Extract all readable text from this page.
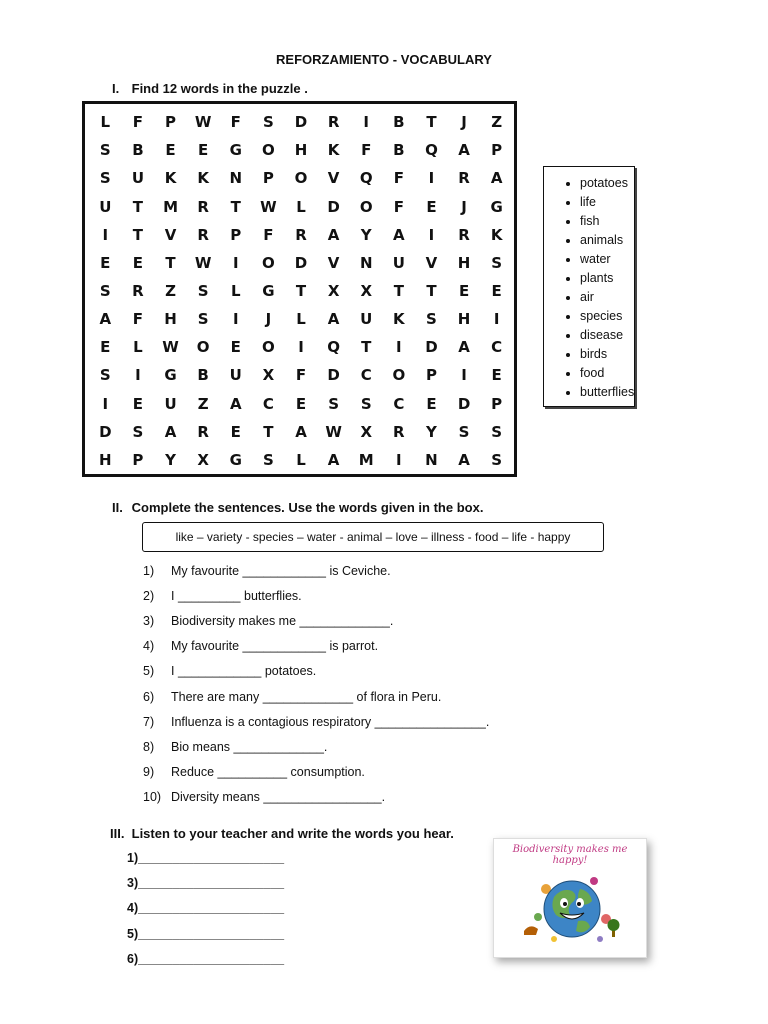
REFORZAMIENTO - VOCABULARY
I. Find 12 words in the puzzle .
L	F	P	W	F	S	D	R	I	B	T	J	Z
S	B	E	E	G	O	H	K	F	B	Q	A	P
S	U	K	K	N	P	O	V	Q	F	I	R	A
U	T	M	R	T	W	L	D	O	F	E	J	G
I	T	V	R	P	F	R	A	Y	A	I	R	K
E	E	T	W	I	O	D	V	N	U	V	H	S
S	R	Z	S	L	G	T	X	X	T	T	E	E
A	F	H	S	I	J	L	A	U	K	S	H	I
E	L	W	O	E	O	I	Q	T	I	D	A	C
S	I	G	B	U	X	F	D	C	O	P	I	E
I	E	U	Z	A	C	E	S	S	C	E	D	P
D	S	A	R	E	T	A	W	X	R	Y	S	S
H	P	Y	X	G	S	L	A	M	I	N	A	S
• potatoes
• life
• fish
• animals
• water
• plants
• air
• species
• disease
• birds
• food
• butterflies
II. Complete the sentences. Use the words given in the box.
like – variety - species – water - animal – love – illness - food – life - happy
1) My favourite ____________ is Ceviche.
2) I _________ butterflies.
3) Biodiversity makes me _____________.
4) My favourite ____________ is parrot.
5) I ____________ potatoes.
6) There are many _____________ of flora in Peru.
7) Influenza is a contagious respiratory ________________.
8) Bio means _____________.
9) Reduce __________ consumption.
10) Diversity means _________________.
III. Listen to your teacher and write the words you hear.
1)_____________________
3)_____________________
4)_____________________
5)_____________________
6)_____________________
Biodiversity makes me happy!
